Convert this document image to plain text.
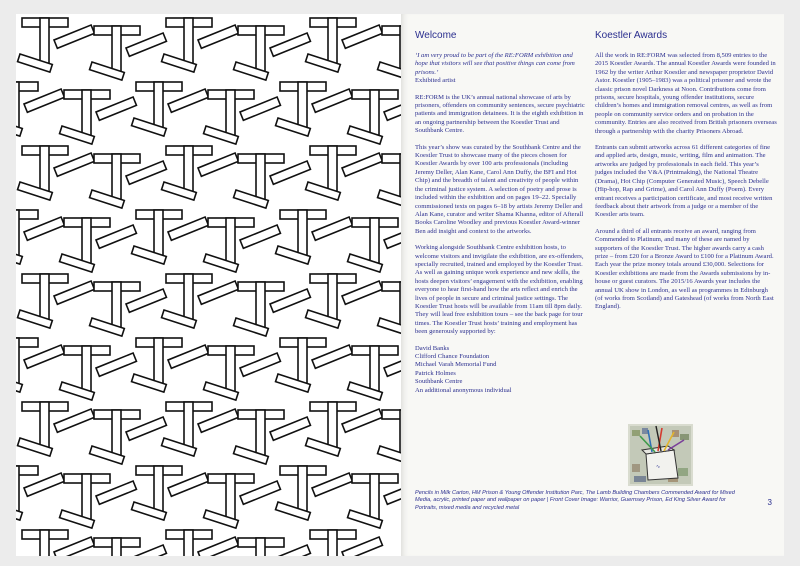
Welcome

‘I am very proud to be part of the RE:FORM exhibition and hope that visitors will see that positive things can come from prisons.’
Exhibited artist

RE:FORM is the UK’s annual national showcase of arts by prisoners, offenders on community sentences, secure psychiatric patients and immigration detainees. It is the eighth exhibition in an ongoing partnership between the Koestler Trust and Southbank Centre.

This year’s show was curated by the Southbank Centre and the Koestler Trust to showcase many of the pieces chosen for Koestler Awards by over 100 arts professionals (including Jeremy Deller, Alan Kane, Carol Ann Duffy, the BFI and Hot Chip) and the breadth of talent and creativity of people within the criminal justice system. A selection of poetry and prose is included within the exhibition and on pages 19–22. Specially commissioned texts on pages 6–18 by artists Jeremy Deller and Alan Kane, curator and writer Shama Khanna, editor of Afterall Books Caroline Woodley and previous Koestler Award-winner Ben add insight and context to the artworks.

Working alongside Southbank Centre exhibition hosts, to welcome visitors and invigilate the exhibition, are ex-offenders, specially recruited, trained and employed by the Koestler Trust. As well as gaining unique work experience and new skills, the hosts deepen visitors’ engagement with the exhibition, enabling everyone to hear first-hand how the arts reflect and enrich the lives of people in secure and criminal justice settings. The Koestler Trust hosts will be available from 11am till 8pm daily. They will lead free exhibition tours – see the back page for tour times. The Koestler Trust hosts’ training and employment has been generously supported by:

David Banks
Clifford Chance Foundation
Michael Varah Memorial Fund
Patrick Holmes
Southbank Centre
An additional anonymous individual
Koestler Awards

All the work in RE:FORM was selected from 8,509 entries to the 2015 Koestler Awards. The annual Koestler Awards were founded in 1962 by the writer Arthur Koestler and newspaper proprietor David Astor. Koestler (1905–1983) was a political prisoner and wrote the classic prison novel Darkness at Noon. Contributions come from prisons, secure hospitals, young offender institutions, secure children’s homes and immigration removal centres, as well as from people on community service orders and on probation in the community. Entries are also received from British prisoners overseas through a partnership with the charity Prisoners Abroad.

Entrants can submit artworks across 61 different categories of fine and applied arts, design, music, writing, film and animation. The artworks are judged by professionals in each field. This year’s judges included the V&A (Printmaking), the National Theatre (Drama), Hot Chip (Computer Generated Music), Speech Debelle (Hip-hop, Rap and Grime), and Carol Ann Duffy (Poem). Every entrant receives a participation certificate, and most receive written feedback about their artwork from a judge or a member of the Koestler arts team.

Around a third of all entrants receive an award, ranging from Commended to Platinum, and many of these are named by supporters of the Koestler Trust. The higher awards carry a cash prize – from £20 for a Bronze Award to £100 for a Platinum Award. Each year the prize money totals around £30,000. Selections for Koestler exhibitions are made from the Awards submissions by in-house or guest curators. The 2015/16 Awards year includes the annual UK show in London, as well as programmes in Edinburgh (of works from Scotland) and Gateshead (of works from North East England).

∿
Pencils in Milk Carton, HM Prison & Young Offender Institution Parc, The Lamb Building Chambers Commended Award for Mixed Media, acrylic, printed paper and wallpaper on paper | Front Cover Image: Warrior, Guernsey Prison, Ed King Silver Award for Portraits, mixed media and recycled metal
3
